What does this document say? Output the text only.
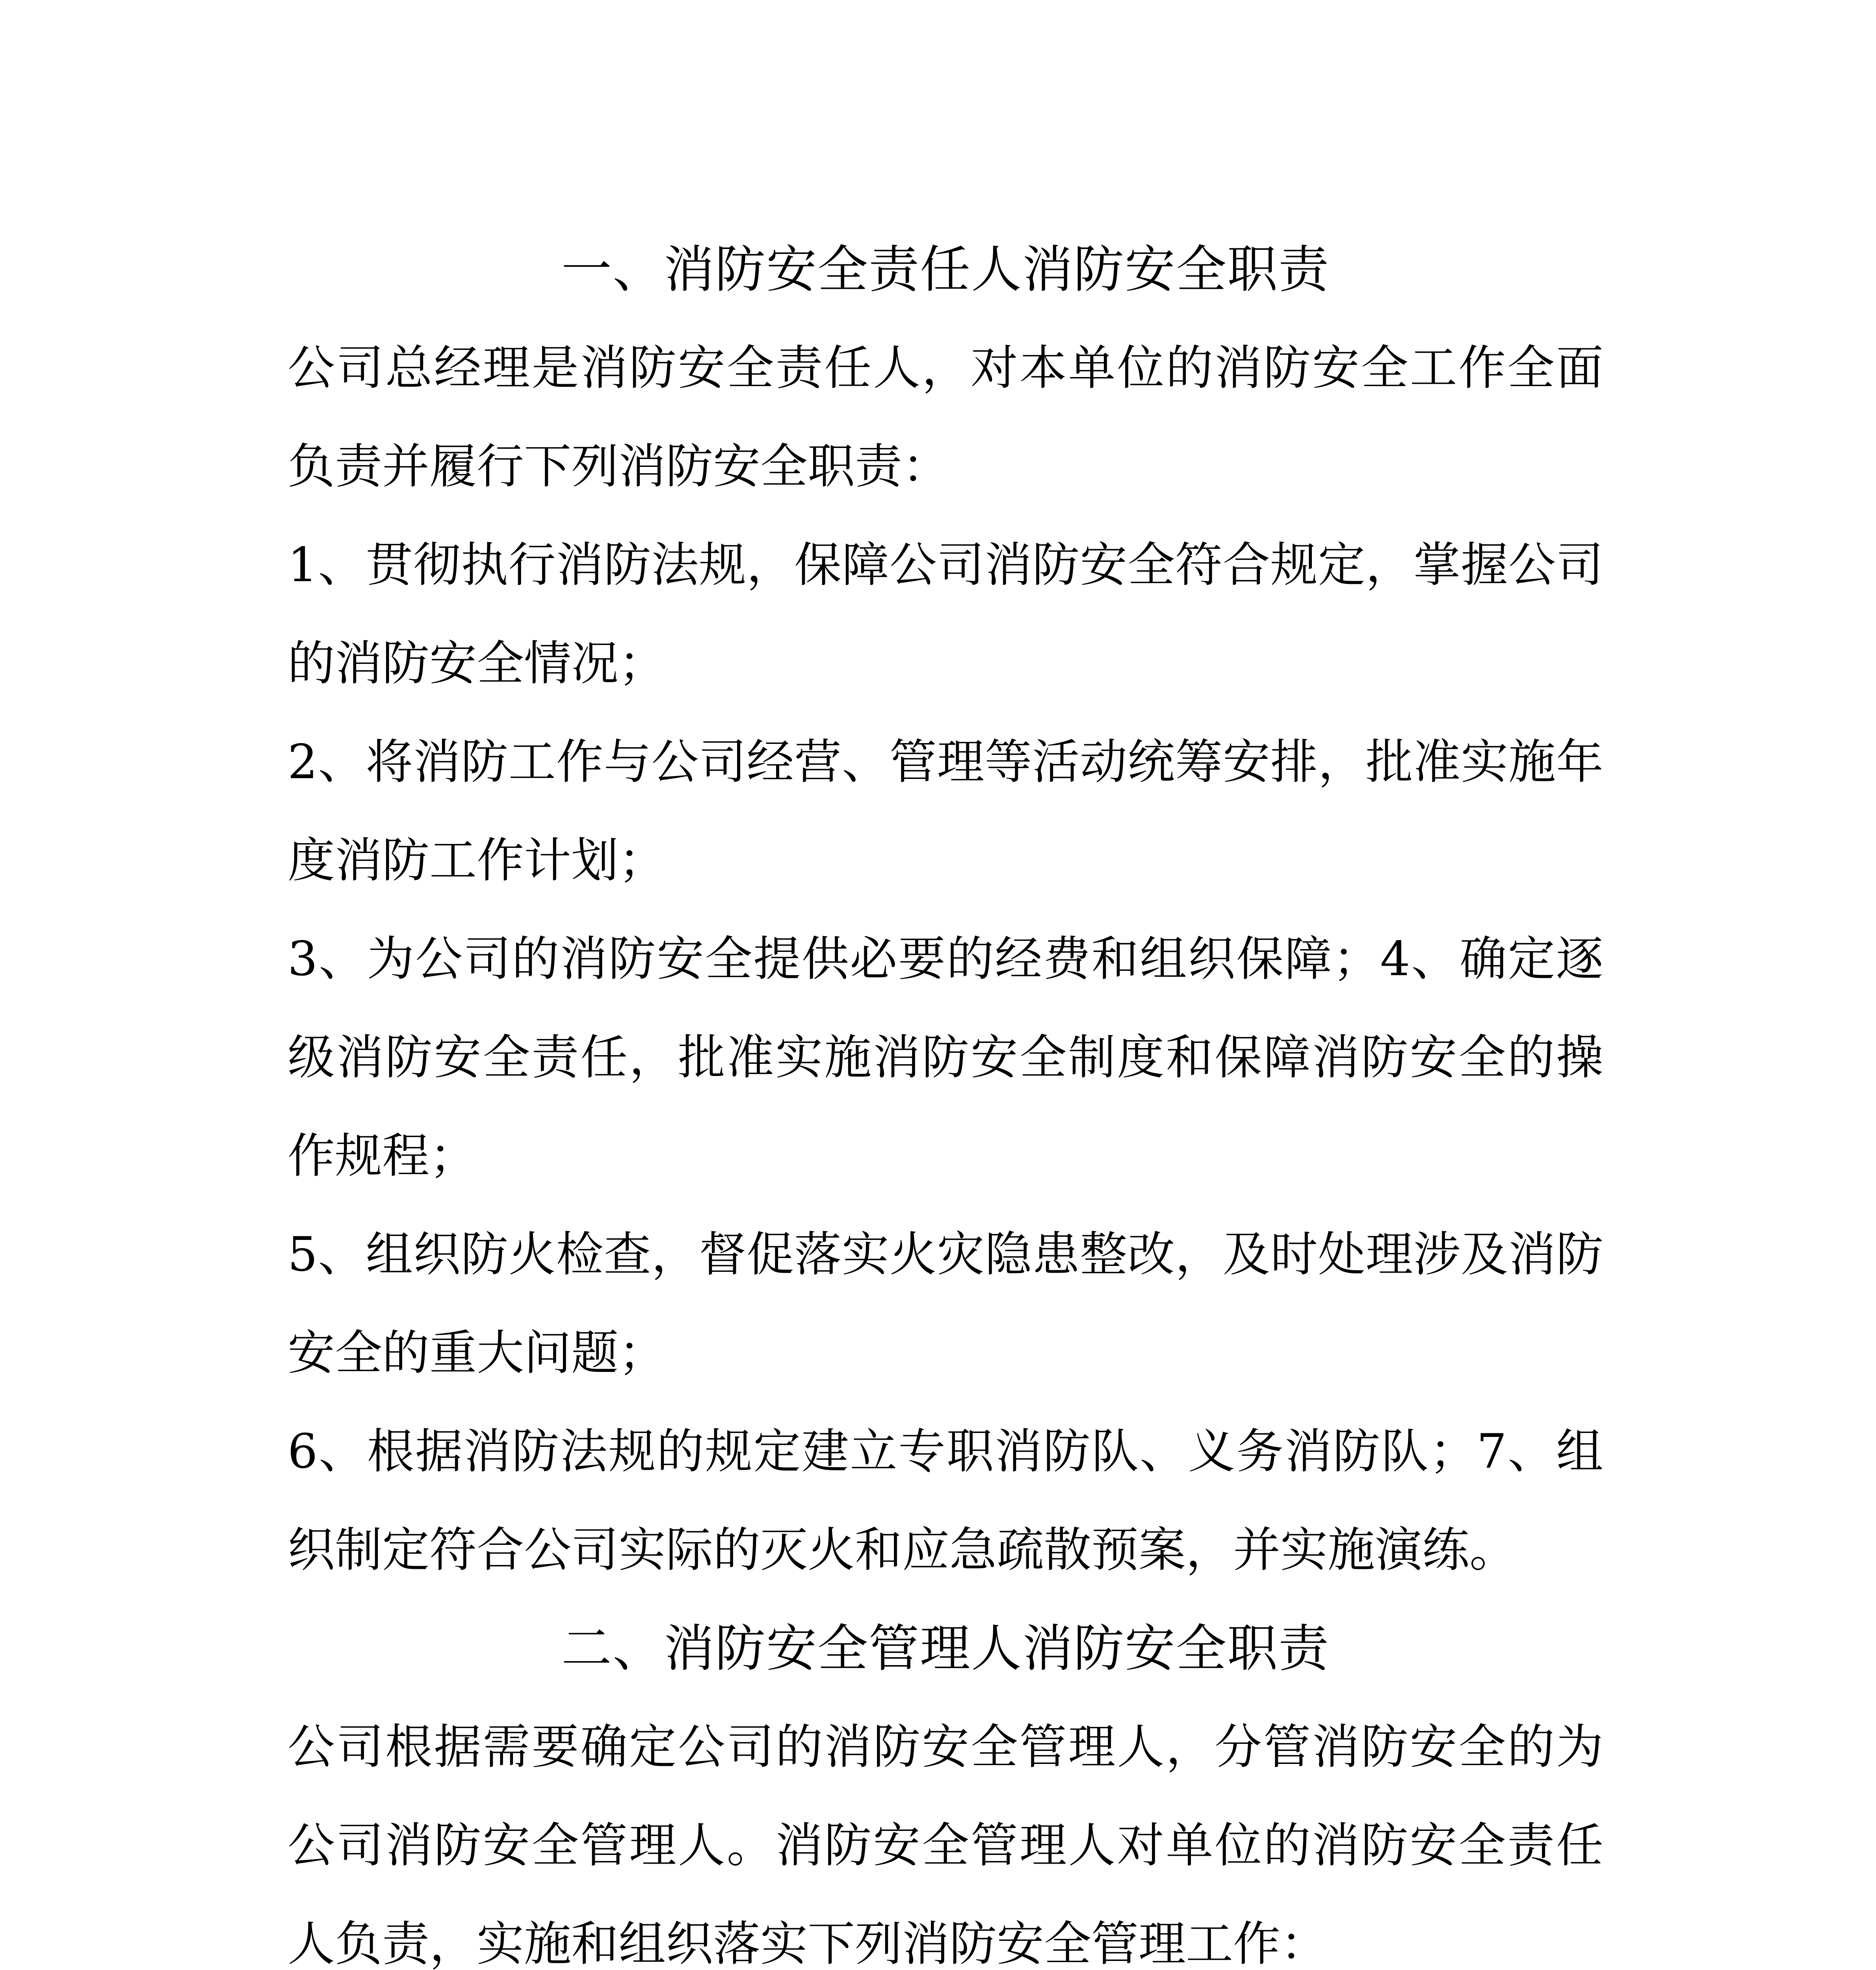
一、消防安全责任人消防安全职责

公司总经理是消防安全责任人，对本单位的消防安全工作全面负责并履行下列消防安全职责：

1、贯彻执行消防法规，保障公司消防安全符合规定，掌握公司的消防安全情况；

2、将消防工作与公司经营、管理等活动统筹安排，批准实施年度消防工作计划；

3、为公司的消防安全提供必要的经费和组织保障；4、确定逐级消防安全责任，批准实施消防安全制度和保障消防安全的操作规程；

5、组织防火检查，督促落实火灾隐患整改，及时处理涉及消防安全的重大问题；

6、根据消防法规的规定建立专职消防队、义务消防队；7、组织制定符合公司实际的灭火和应急疏散预案，并实施演练。

二、消防安全管理人消防安全职责

公司根据需要确定公司的消防安全管理人，分管消防安全的为公司消防安全管理人。消防安全管理人对单位的消防安全责任人负责，实施和组织落实下列消防安全管理工作：
